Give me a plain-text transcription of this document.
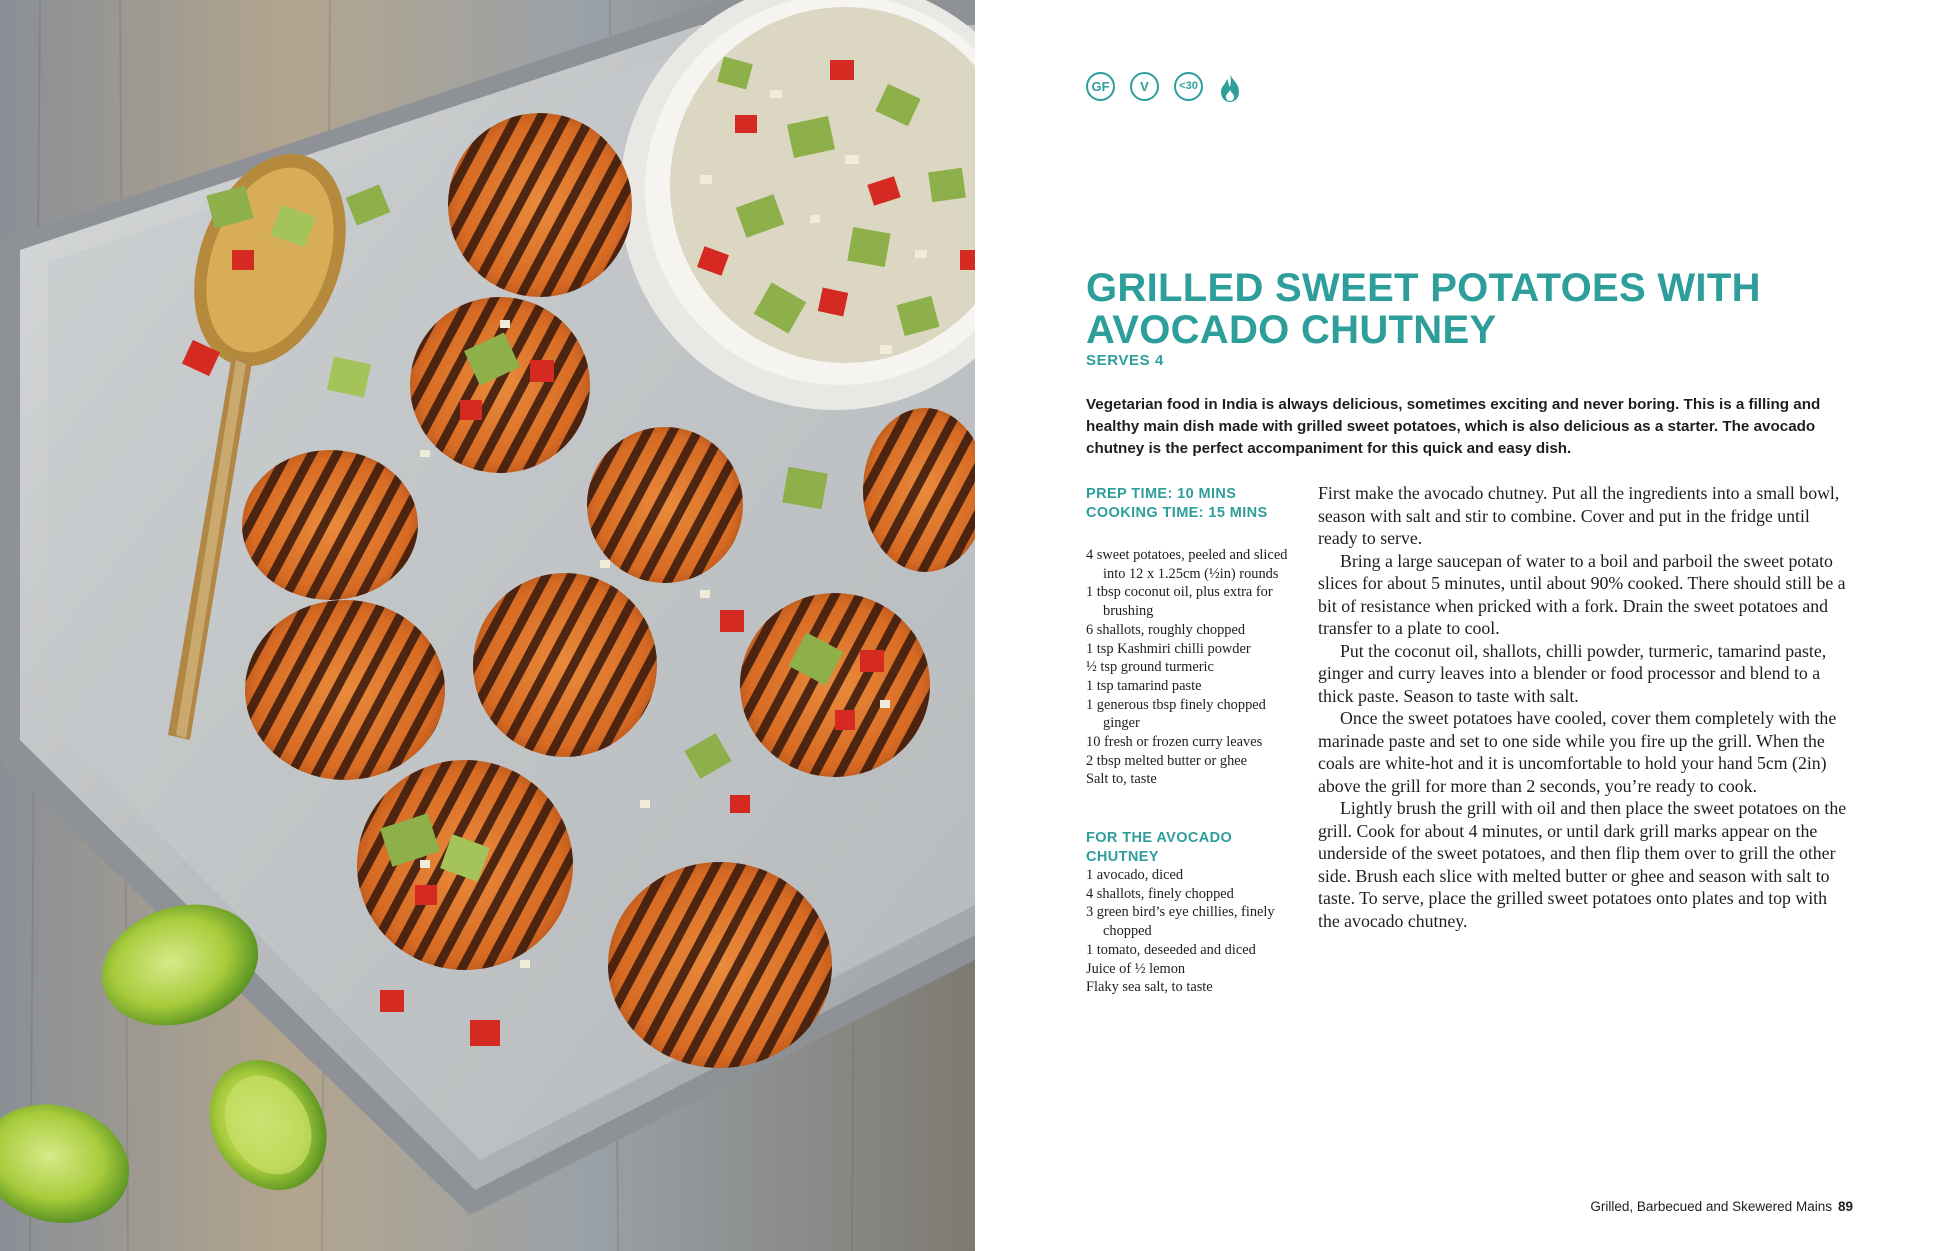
GF	V	<30
GRILLED SWEET POTATOES WITH AVOCADO CHUTNEY
SERVES 4

Vegetarian food in India is always delicious, sometimes exciting and never boring. This is a filling and healthy main dish made with grilled sweet potatoes, which is also delicious as a starter. The avocado chutney is the perfect accompaniment for this quick and easy dish.

PREP TIME: 10 MINS
COOKING TIME: 15 MINS
4 sweet potatoes, peeled and sliced into 12 x 1.25cm (½in) rounds
1 tbsp coconut oil, plus extra for brushing
6 shallots, roughly chopped
1 tsp Kashmiri chilli powder
½ tsp ground turmeric
1 tsp tamarind paste
1 generous tbsp finely chopped ginger
10 fresh or frozen curry leaves
2 tbsp melted butter or ghee
Salt to, taste
FOR THE AVOCADO CHUTNEY
1 avocado, diced
4 shallots, finely chopped
3 green bird’s eye chillies, finely chopped
1 tomato, deseeded and diced
Juice of ½ lemon
Flaky sea salt, to taste

First make the avocado chutney. Put all the ingredients into a small bowl, season with salt and stir to combine. Cover and put in the fridge until ready to serve.

Bring a large saucepan of water to a boil and parboil the sweet potato slices for about 5 minutes, until about 90% cooked. There should still be a bit of resistance when pricked with a fork. Drain the sweet potatoes and transfer to a plate to cool.

Put the coconut oil, shallots, chilli powder, turmeric, tamarind paste, ginger and curry leaves into a blender or food processor and blend to a thick paste. Season to taste with salt.

Once the sweet potatoes have cooled, cover them completely with the marinade paste and set to one side while you fire up the grill. When the coals are white-hot and it is uncomfortable to hold your hand 5cm (2in) above the grill for more than 2 seconds, you’re ready to cook.

Lightly brush the grill with oil and then place the sweet potatoes on the grill. Cook for about 4 minutes, or until dark grill marks appear on the underside of the sweet potatoes, and then flip them over to grill the other side. Brush each slice with melted butter or ghee and season with salt to taste. To serve, place the grilled sweet potatoes onto plates and top with the avocado chutney.

Grilled, Barbecued and Skewered Mains 89
